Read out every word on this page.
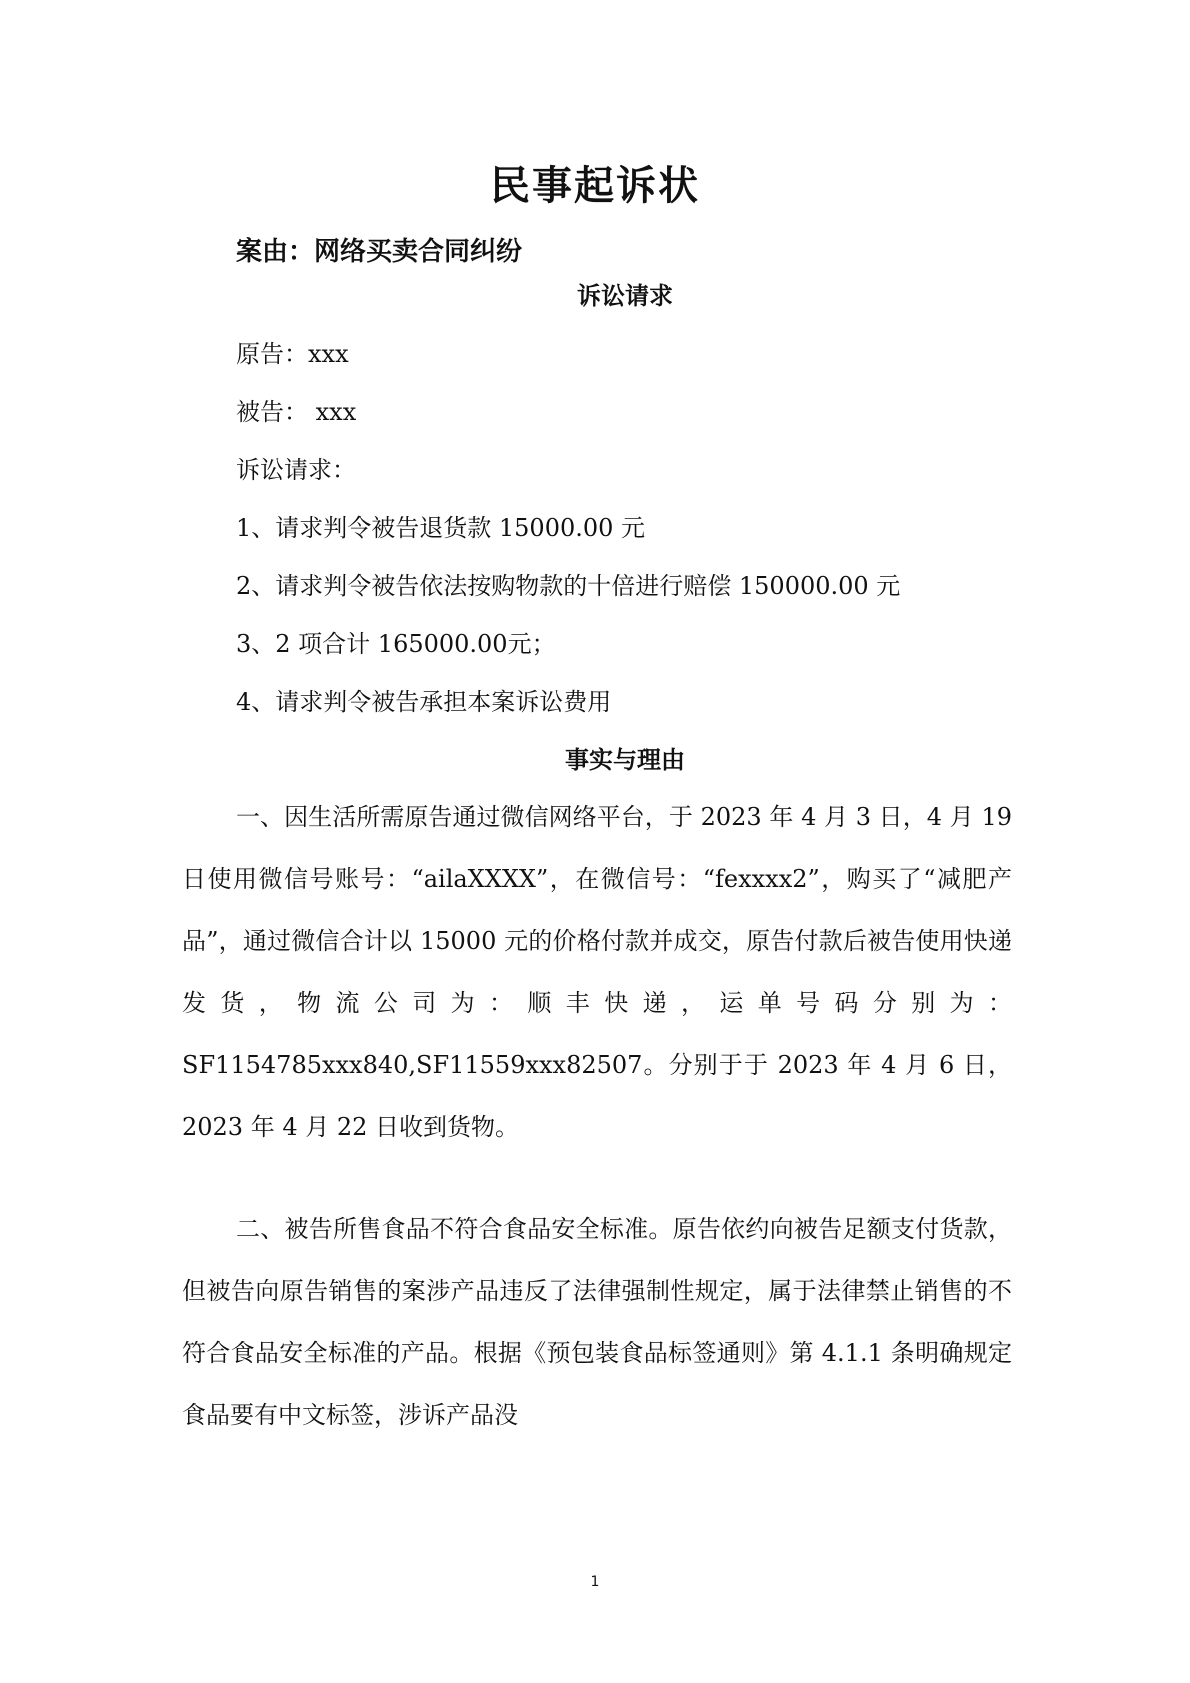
民事起诉状
案由：网络买卖合同纠纷
诉讼请求
原告：xxx
被告： xxx
诉讼请求：
1、请求判令被告退货款 15000.00 元
2、请求判令被告依法按购物款的十倍进行赔偿 150000.00 元
3、2 项合计 165000.00元；
4、请求判令被告承担本案诉讼费用
事实与理由
一、因生活所需原告通过微信网络平台，于 2023 年 4 月 3 日，4 月 19 日使用微信号账号：“ailaXXXX”，在微信号：“fexxxx2”，购买了“减肥产品”，通过微信合计以 15000 元的价格付款并成交，原告付款后被告使用快递发货，物流公司为：顺丰快递，运单号码分别为：SF1154785xxx840,SF11559xxx82507。分别于于 2023 年 4 月 6 日，2023 年 4 月 22 日收到货物。
二、被告所售食品不符合食品安全标准。原告依约向被告足额支付货款，但被告向原告销售的案涉产品违反了法律强制性规定，属于法律禁止销售的不符合食品安全标准的产品。根据《预包装食品标签通则》第 4.1.1 条明确规定食品要有中文标签，涉诉产品没
1
